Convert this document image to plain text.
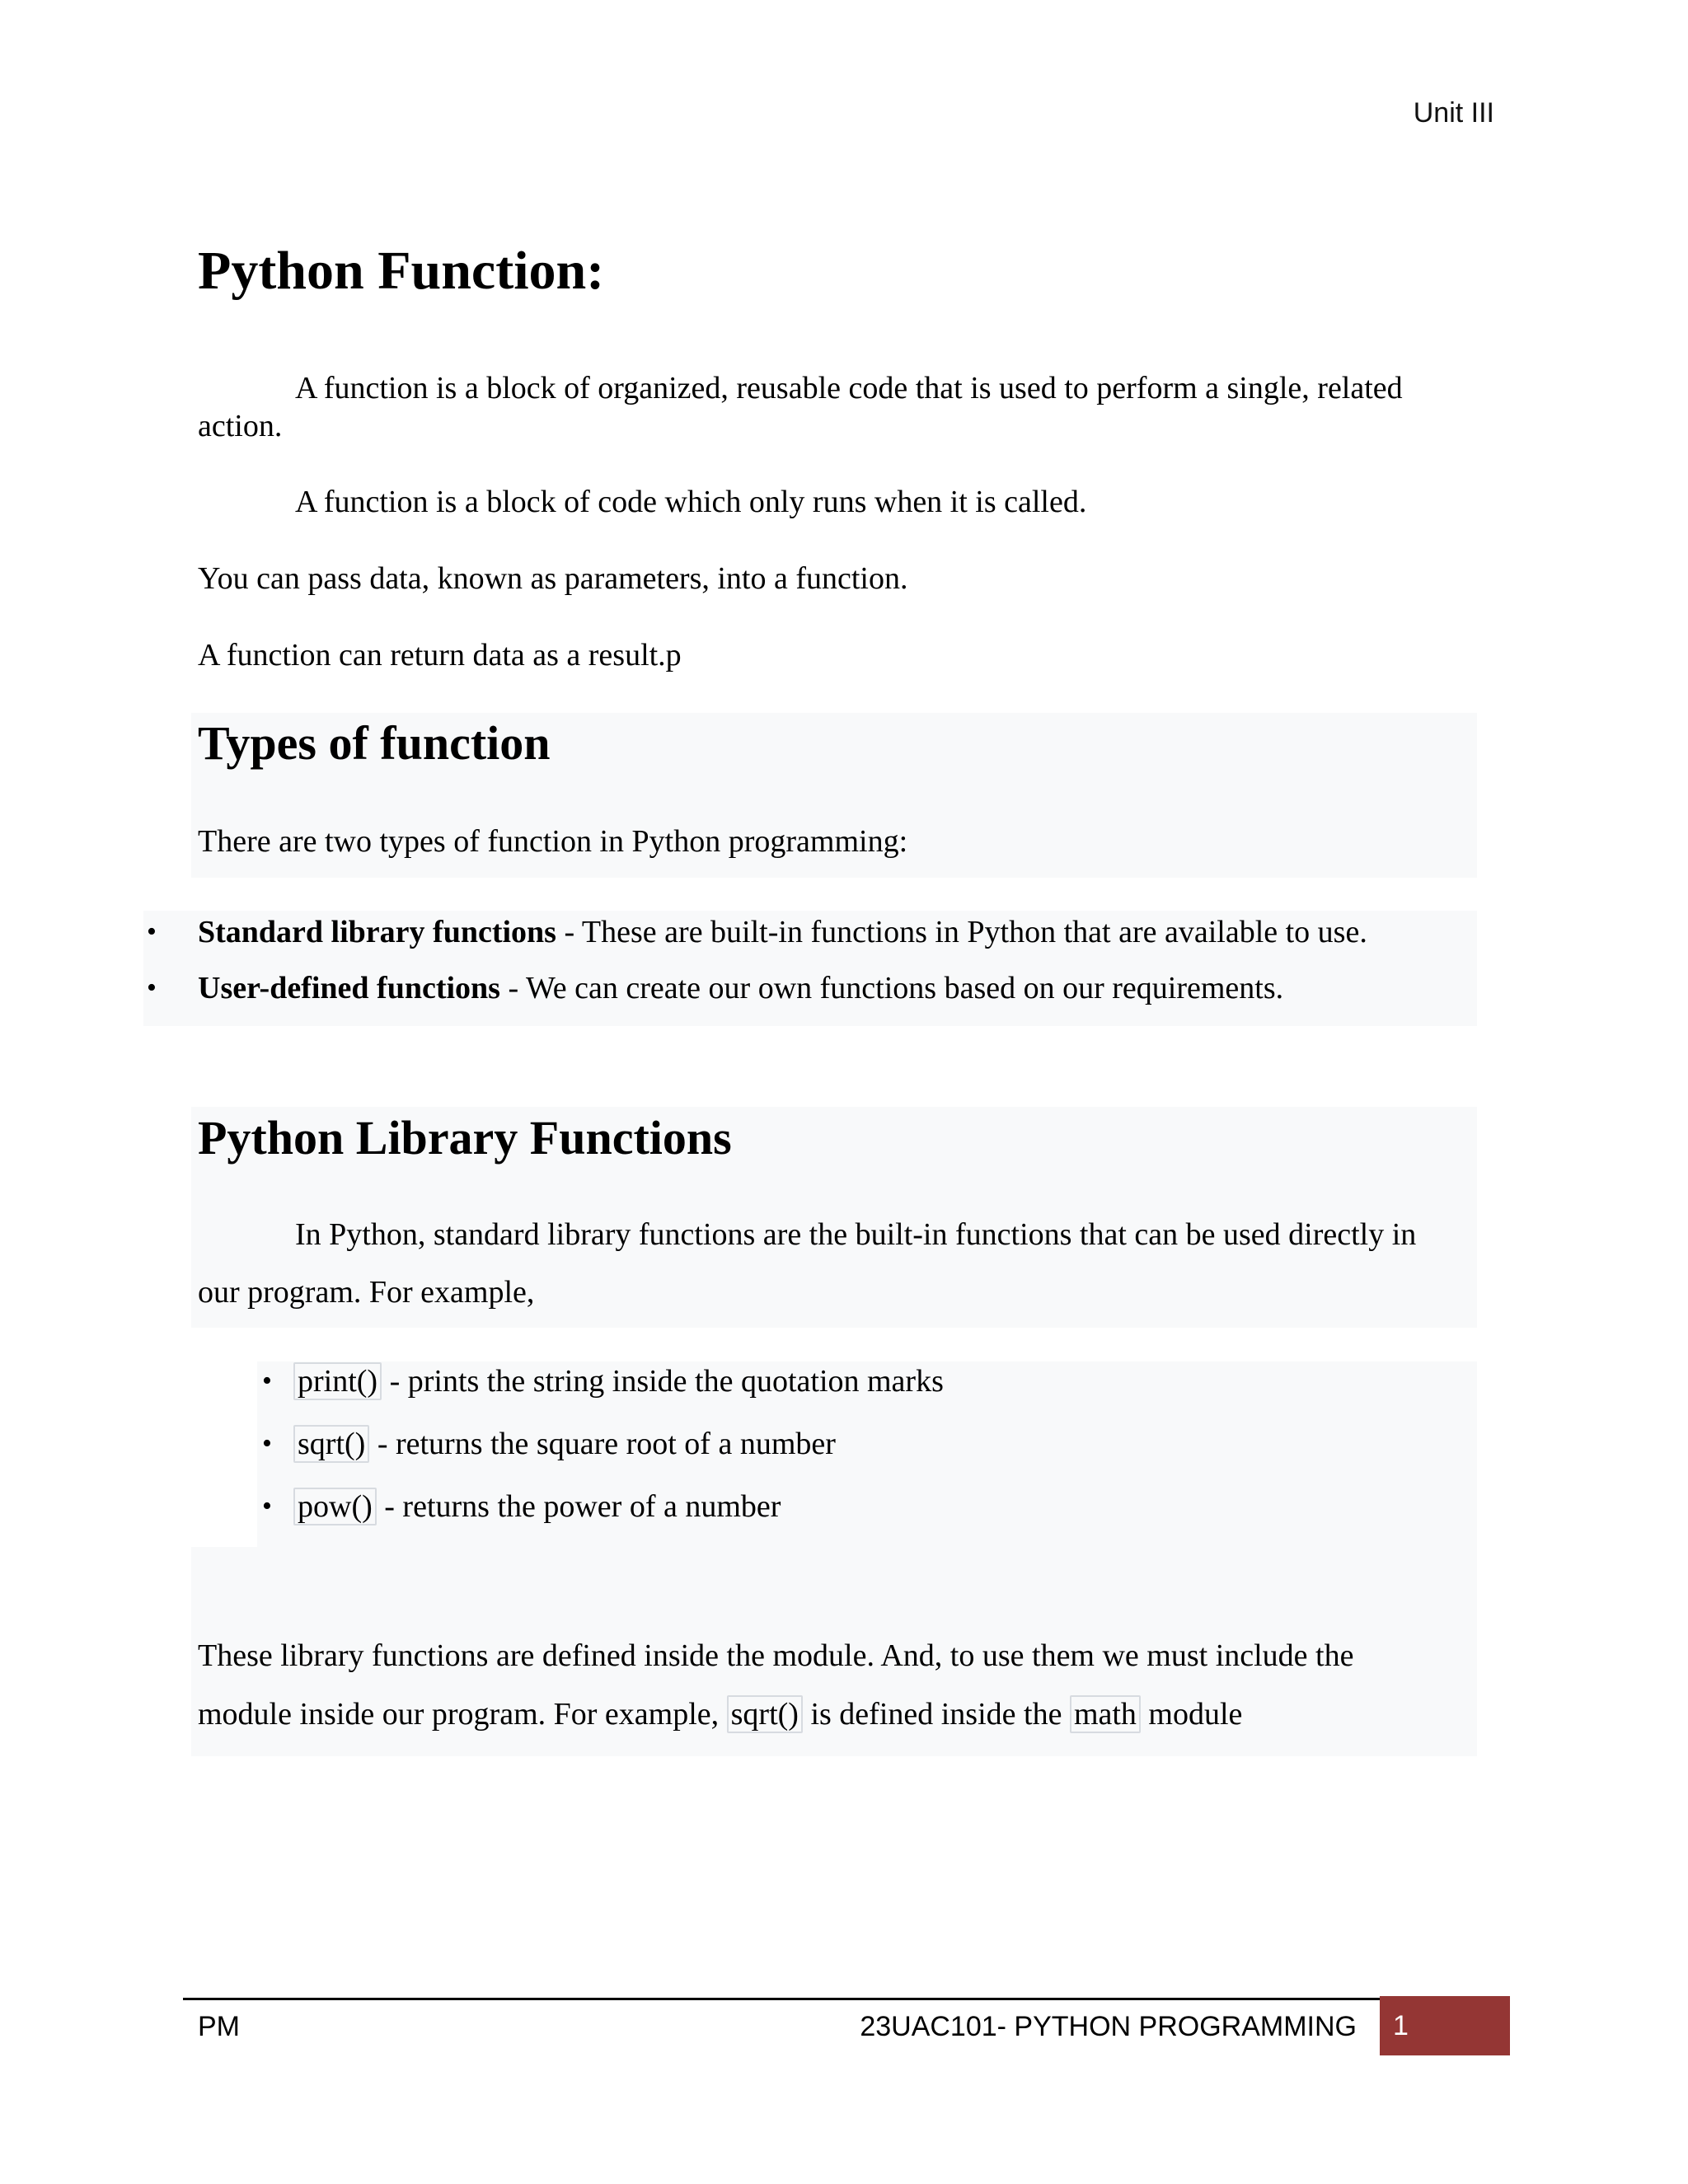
Unit III
Python Function:
A function is a block of organized, reusable code that is used to perform a single, related
action.
A function is a block of code which only runs when it is called.
You can pass data, known as parameters, into a function.
A function can return data as a result.p
Types of function
There are two types of function in Python programming:
• Standard library functions - These are built-in functions in Python that are available to use.
• User-defined functions - We can create our own functions based on our requirements.
Python Library Functions
In Python, standard library functions are the built-in functions that can be used directly in
our program. For example,
• print() - prints the string inside the quotation marks
• sqrt() - returns the square root of a number
• pow() - returns the power of a number
These library functions are defined inside the module. And, to use them we must include the
module inside our program. For example, sqrt() is defined inside the math module
PM	23UAC101- PYTHON PROGRAMMING	1
